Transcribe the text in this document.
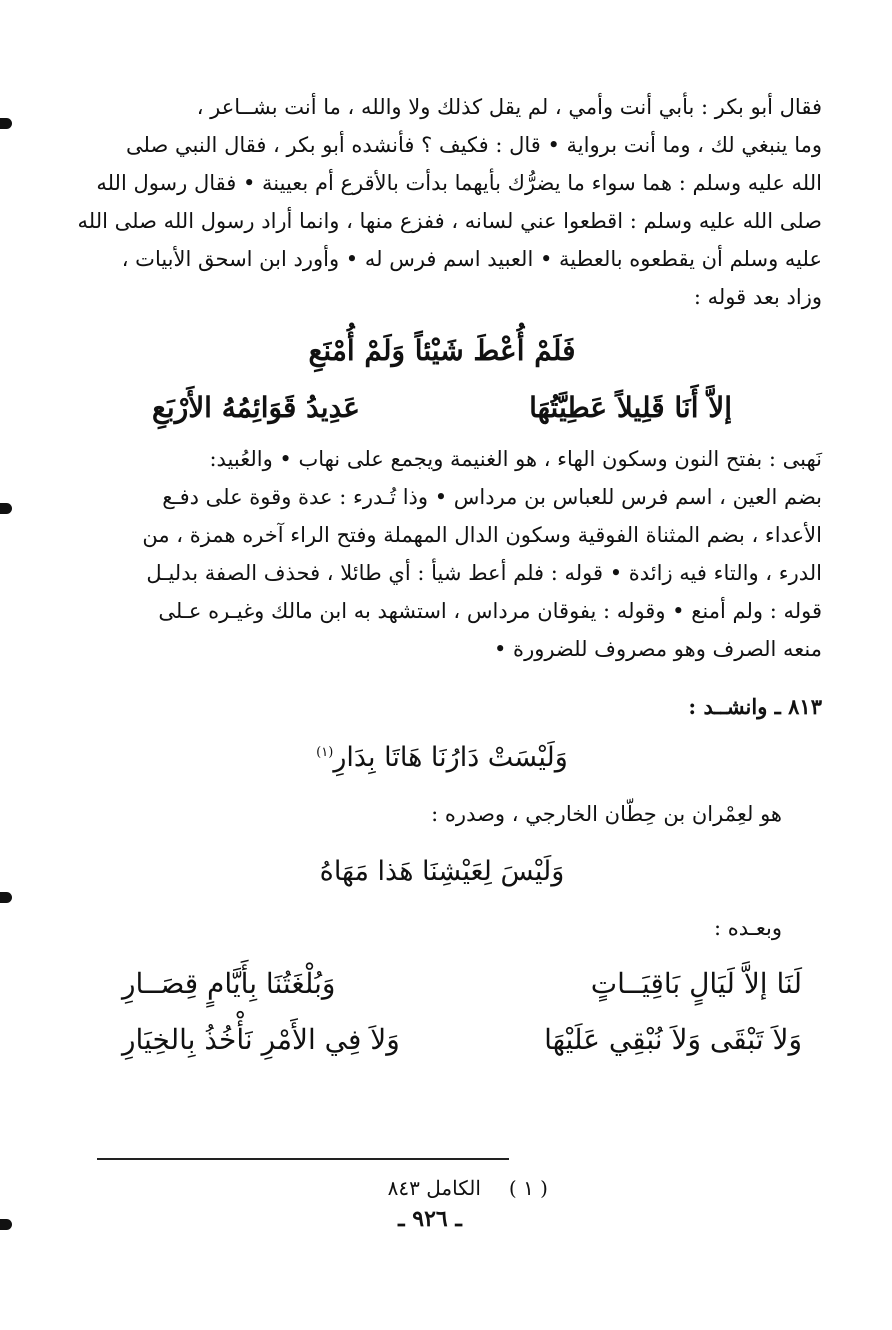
فقال أبو بكر : بأبي أنت وأمي ، لم يقل كذلك ولا والله ، ما أنت بشــاعر ،

وما ينبغي لك ، وما أنت برواية • قال : فكيف ؟ فأنشده أبو بكر ، فقال النبي صلى

الله عليه وسلم : هما سواء ما يضرُّك بأيهما بدأت بالأقرع أم بعيينة • فقال رسول الله

صلى الله عليه وسلم : اقطعوا عني لسانه ، ففزع منها ، وانما أراد رسول الله صلى الله

عليه وسلم أن يقطعوه بالعطية • العبيد اسم فرس له • وأورد ابن اسحق الأبيات ،

وزاد بعد قوله :

فَلَمْ أُعْطَ شَيْئاً وَلَمْ أُمْنَعِ

إلاَّ أَنَا قَلِيلاً عَطِيَّتُهَا
عَدِيدُ قَوَائِمُهُ الأَرْبَعِ

نَهبى : بفتح النون وسكون الهاء ، هو الغنيمة ويجمع على نهاب • والعُبيد:

بضم العين ، اسم فرس للعباس بن مرداس • وذا تُـدرء : عدة وقوة على دفـع

الأعداء ، بضم المثناة الفوقية وسكون الدال المهملة وفتح الراء آخره همزة ، من

الدرء ، والتاء فيه زائدة • قوله : فلم أعط شيأ : أي طائلا ، فحذف الصفة بدليـل

قوله : ولم أمنع • وقوله : يفوقان مرداس ، استشهد به ابن مالك وغيـره عـلى

منعه الصرف وهو مصروف للضرورة •

٨١٣ ـ وانشــد :

وَلَيْسَتْ دَارُنَا هَاتَا بِدَارِ$^{(١)}$

هو لعِمْران بن حِطّان الخارجي ، وصدره :

وَلَيْسَ لِعَيْشِنَا هَذا مَهَاهُ

وبعـده :

لَنَا إلاَّ لَيَالٍ بَاقِيَــاتٍ
وَبُلْغَتُنَا بِأَيَّامٍ قِصَــارِ
وَلاَ تَبْقَى وَلاَ نُبْقِي عَلَيْهَا
وَلاَ فِي الأَمْرِ نَأْخُذُ بِالخِيَارِ
( ١ )
الكامل ٨٤٣
ـ ٩٢٦ ـ
